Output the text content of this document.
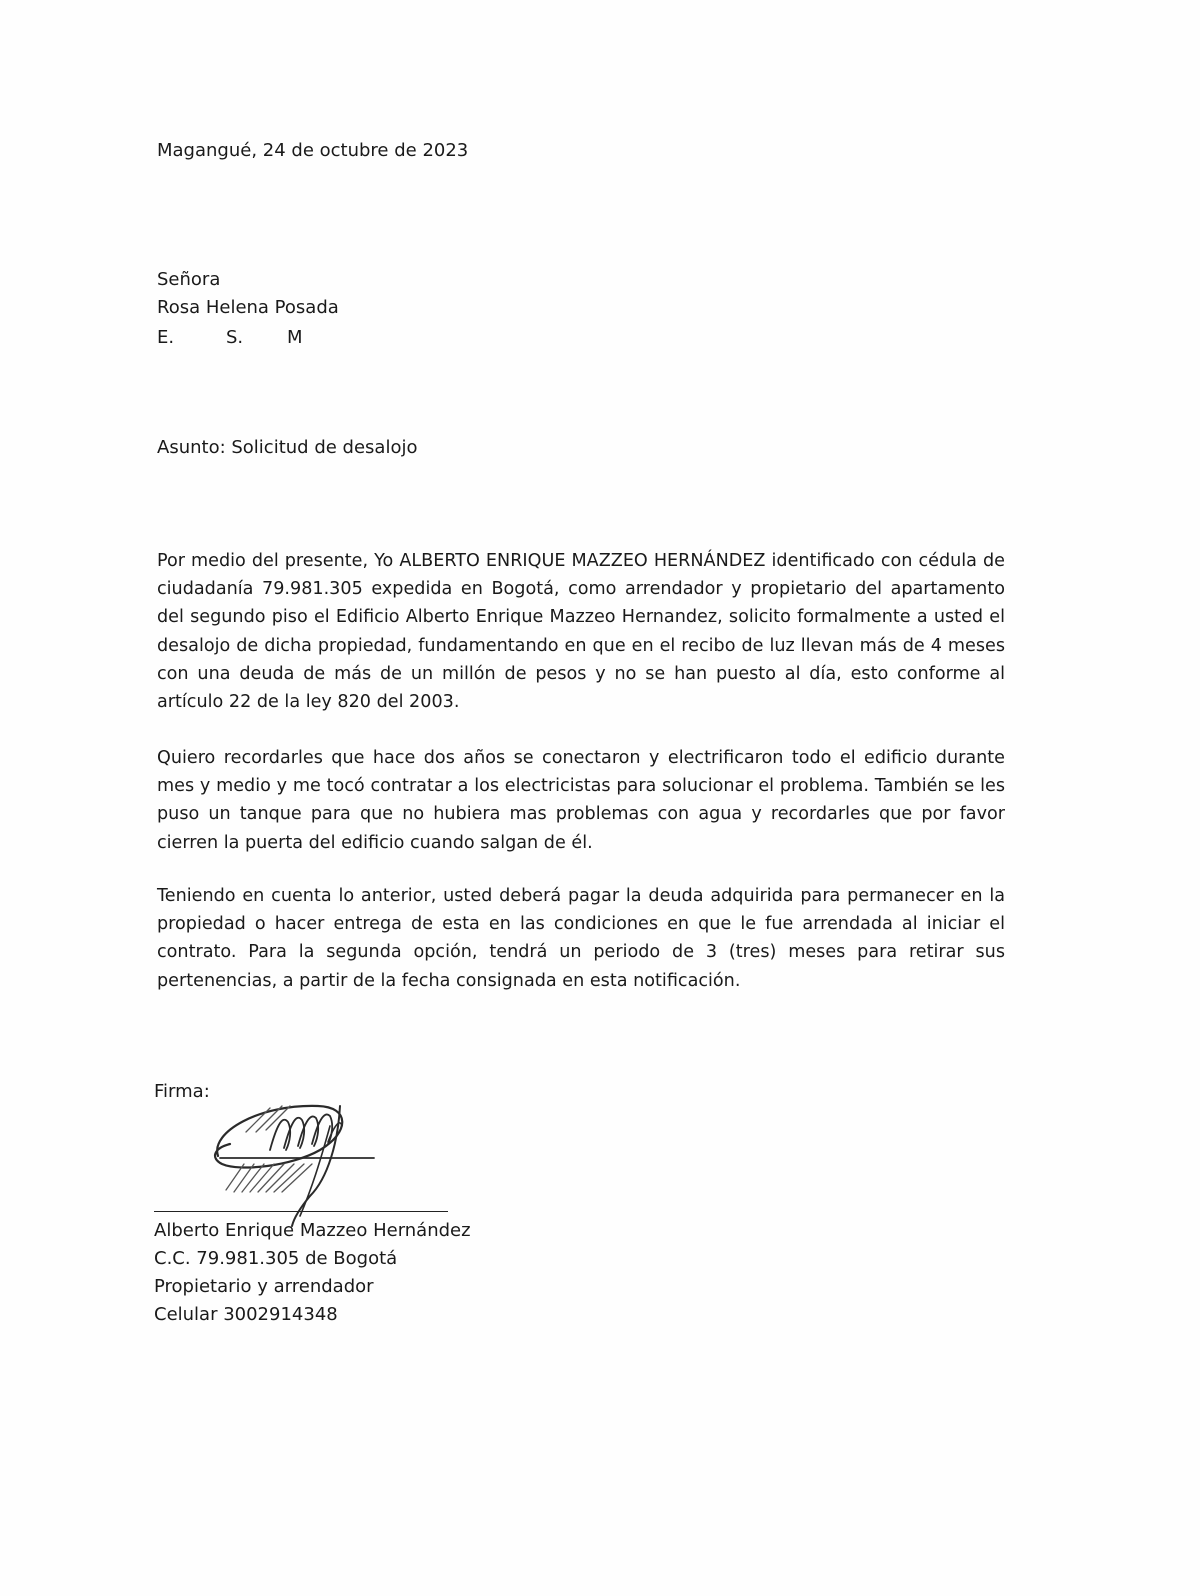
Magangué, 24 de octubre de 2023

Señora

Rosa Helena Posada

E.	S. M

Asunto: Solicitud de desalojo

Por medio del presente, Yo ALBERTO ENRIQUE MAZZEO HERNÁNDEZ identificado con cédula de ciudadanía 79.981.305 expedida en Bogotá, como arrendador y propietario del apartamento del segundo piso el Edificio Alberto Enrique Mazzeo Hernandez, solicito formalmente a usted el desalojo de dicha propiedad, fundamentando en que en el recibo de luz llevan más de 4 meses con una deuda de más de un millón de pesos y no se han puesto al día, esto conforme al artículo 22 de la ley 820 del 2003.

Quiero recordarles que hace dos años se conectaron y electrificaron todo el edificio durante mes y medio y me tocó contratar a los electricistas para solucionar el problema. También se les puso un tanque para que no hubiera mas problemas con agua y recordarles que por favor cierren la puerta del edificio cuando salgan de él.

Teniendo en cuenta lo anterior, usted deberá pagar la deuda adquirida para permanecer en la propiedad o hacer entrega de esta en las condiciones en que le fue arrendada al iniciar el contrato. Para la segunda opción, tendrá un periodo de 3 (tres) meses para retirar sus pertenencias, a partir de la fecha consignada en esta notificación.

Firma:

Alberto Enrique Mazzeo Hernández

C.C. 79.981.305 de Bogotá

Propietario y arrendador

Celular 3002914348
